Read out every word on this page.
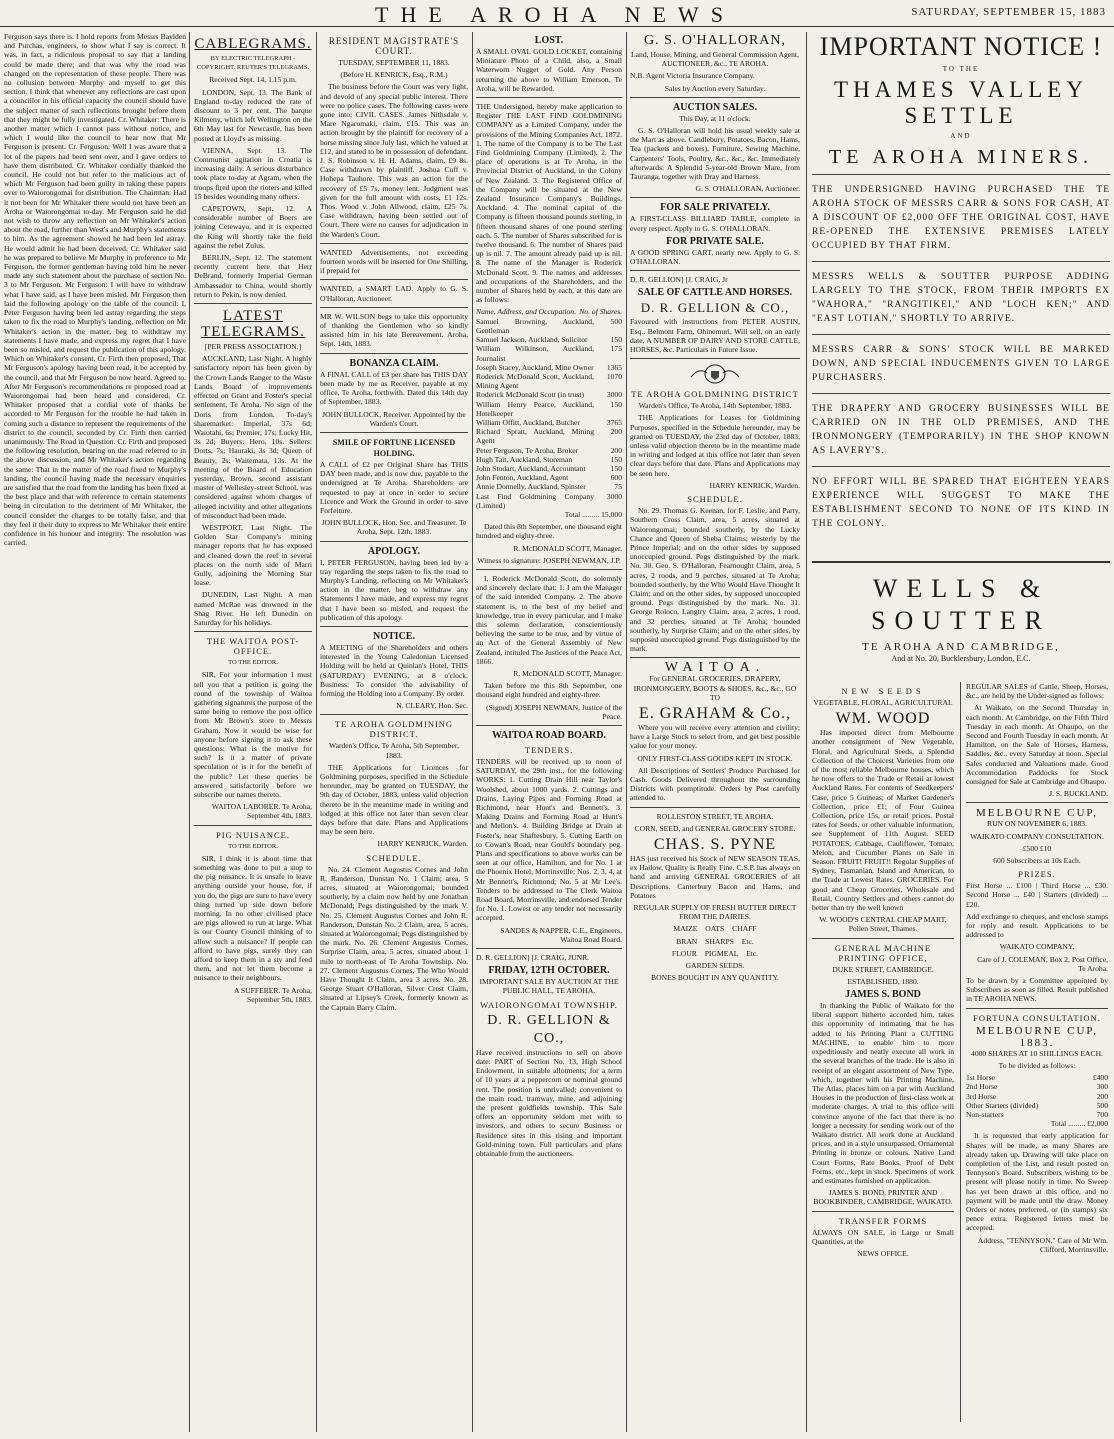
THE AROHA NEWS	SATURDAY, SEPTEMBER 15, 1883

Ferguson says there is. I hold reports from Messrs Baylden and Purchas, engineers, to show what I say is correct. It was, in fact, a ridiculous proposal to say that a landing could be made there; and that was why the road was changed on the representation of these people. There was no collusion between Murphy and myself to get this section. I think that whenever any reflections are cast upon a councillor in his official capacity the council should have the subject matter of such reflections brought before them that they might be fully investigated. Cr. Whitaker: There is another matter which I cannot pass without notice, and which I would like the council to hear now that Mr Ferguson is present. Cr. Ferguson: Well I was aware that a lot of the papers had been sent over, and I gave orders to have them distributed. Cr. Whitaker cordially thanked the council. He could not but refer to the malicious act of which Mr Ferguson had been guilty in taking these papers over to Waiorongomai for distribution. The Chairman: Had it not been for Mr Whitaker there would not have been an Aroha or Waiorongomai to-day. Mr Ferguson said he did not wish to throw any reflection on Mr Whitaker's action about the road, further than West's and Murphy's statements to him. As the agreement showed he had been led astray. He would admit he had been deceived. Cr. Whitaker said he was prepared to believe Mr Murphy in preference to Mr Ferguson, the former gentleman having told him he never made any such statement about the purchase of section No. 3 to Mr Ferguson. Mr Ferguson: I will have to withdraw what I have said, as I have been misled. Mr Ferguson then laid the following apology on the table of the council: I, Peter Ferguson having been led astray regarding the steps taken to fix the road to Murphy's landing, reflection on Mr Whitaker's action in the matter, beg to withdraw my statements I have made, and express my regret that I have been so misled, and request the publication of this apology. Which on Whitaker's consent, Cr. Firth then proposed, That Mr Ferguson's apology having been read, it be accepted by the council, and that Mr Ferguson be now heard. Agreed to. After Mr Ferguson's recommendations re proposed road at Waiorongomai had been heard and considered, Cr. Whitaker proposed that a cordial vote of thanks be accorded to Mr Ferguson for the trouble he had taken in coming such a distance to represent the requirements of the district to the council, seconded by Cr. Firth then carried unanimously. The Road in Question. Cr. Firth and proposed the following resolution, bearing on the road referred to in the above discussion, and Mr Whitaker's action regarding the same: That in the matter of the road fixed to Murphy's landing, the council having made the necessary enquiries are satisfied that the road from the landing has been fixed at the best place and that with reference to certain statements being in circulation to the detriment of Mr Whitaker, the council consider the charges to be totally false, and that they feel it their duty to express to Mr Whitaker their entire confidence in his honour and integrity. The resolution was carried.

CABLEGRAMS.

BY ELECTRIC TELEGRAPH - COPYRIGHT. REUTER'S TELEGRAMS.

Received Sept. 14, 1.15 p.m.

LONDON, Sept. 13. The Bank of England to-day reduced the rate of discount to 3 per cent. The barque Kilmeny, which left Wellington on the 6th May last for Newcastle, has been posted at Lloyd's as missing.

VIENNA, Sept. 13. The Communist agitation in Croatia is increasing daily. A serious disturbance took place to-day at Agram, when the troops fired upon the rioters and killed 15 besides wounding many others.

CAPETOWN, Sept. 12. A considerable number of Boers are joining Cetewayo, and it is expected the King will shortly take the field against the rebel Zulus.

BERLIN, Sept. 12. The statement recently current here that Herr DeBrand, formerly Imperial German Ambassador to China, would shortly return to Pekin, is now denied.

LATEST TELEGRAMS.

[PER PRESS ASSOCIATION.]

AUCKLAND, Last Night. A highly satisfactory report has been given by the Crown Lands Ranger to the Waste Lands Board of improvements effected on Grant and Foster's special settlement, Te Aroha. No sign of the Doris from London. To-day's sharemarket: Imperial, 37s 6d; Waiotahi, 6s; Premier, 17s; Lucky Hit, 3s 2d; Buyers: Hero, 10s. Sellers: Dorts, 7s; Hauraki, 3s 3d; Queen of Beauty, 2s; Waitemata, 13s. At the meeting of the Board of Education yesterday, Brown, second assistant master of Wellesley-street School, was considered against whom charges of alleged incivility and other allegations of misconduct had been made.

WESTPORT, Last Night. The Golden Star Company's mining manager reports that he has exposed and cleaned down the reef in several places on the north side of Marri Gully, adjoining the Morning Star lease.

DUNEDIN, Last Night. A man named McRae was drowned in the Shag River. He left Dunedin on Saturday for his holidays.

THE WAITOA POST-OFFICE.

TO THE EDITOR.

SIR, For your information I must tell you that a petition is going the round of the township of Waitoa gathering signatures the purpose of the same being to remove the post office from Mr Brown's store to Messrs Graham. Now it would be wise for anyone before signing it to ask these questions: What is the motive for such? Is it a matter of private speculation or is it for the benefit of the public? Let these queries be answered satisfactorily before we subscribe our names thereto.

WAITOA LABORER. Te Aroha, September 4th, 1883.

PIG NUISANCE.

TO THE EDITOR.

SIR, I think it is about time that something was done to put a stop to the pig nuisance. It is unsafe to leave anything outside your house, for, if you do, the pigs are sure to have every thing turned up side down before morning. In no other civilised place are pigs allowed to run at large. What is our County Council thinking of to allow such a nuisance? If people can afford to have pigs, surely they can afford to keep them in a sty and feed them, and not let them become a nuisance to their neighbours.

A SUFFERER. Te Aroha, September 5th, 1883.

RESIDENT MAGISTRATE'S COURT.

TUESDAY, SEPTEMBER 11, 1883.

(Before H. KENRICK, Esq., R.M.)

The business before the Court was very light, and devoid of any special public interest. There were no police cases. The following cases were gone into: CIVIL CASES. James Nithsdale v. Mare Ngaromaki, claim, £15. This was an action brought by the plaintiff for recovery of a horse missing since July last, which he valued at £12, and stated to be in possession of defendant. J. S. Robinson v. H. H. Adams, claim, £9 8s. Case withdrawn by plaintiff. Joshua Cuff v. Hohepa Tauhore. This was an action for the recovery of £5 7s, money lent. Judgment was given for the full amount with costs, £1 12s. Thos. Wood v. John Allwood, claim, £25 7s. Case withdrawn, having been settled out of Court. There were no causes for adjudication in the Warden's Court.

WANTED Advertisements, not exceeding fourteen words will be inserted for One Shilling, if prepaid for

WANTED, a SMART LAD. Apply to G. S. O'Halloran, Auctioneer.

MR W. WILSON begs to take this opportunity of thanking the Gentlemen who so kindly assisted him in his late Bereavement. Aroha, Sept. 14th, 1883.

BONANZA CLAIM.

A FINAL CALL of £3 per share has THIS DAY been made by me as Receiver, payable at my office, Te Aroha, forthwith. Dated this 14th day of September, 1883.

JOHN BULLOCK, Receiver. Appointed by the Warden's Court.

SMILE OF FORTUNE LICENSED HOLDING.

A CALL of £2 per Original Share has THIS DAY been made, and is now due, payable to the undersigned at Te Aroha. Shareholders are requested to pay at once in order to secure Licence and Work the Ground in order to save Forfeiture.

JOHN BULLOCK, Hon. Sec. and Treasurer. Te Aroha, Sept. 12th, 1883.

APOLOGY.

I, PETER FERGUSON, having been led by a tray regarding the steps taken to fix the road to Murphy's Landing, reflecting on Mr Whitaker's action in the matter, beg to withdraw any Statements I have made, and express my regret that I have been so misled, and request the publication of this apology.

NOTICE.

A MEETING of the Shareholders and others interested in the Young Caledonian Licensed Holding will be held at Quinlan's Hotel, THIS (SATURDAY) EVENING, at 8 o'clock. Business: To consider the advisability of forming the Holding into a Company. By order.

N. CLEARY, Hon. Sec.

TE AROHA GOLDMINING DISTRICT.

Warden's Office, Te Aroha, 5th September, 1883.

THE Applications for Licences for Goldmining purposes, specified in the Schedule hereunder, may be granted on TUESDAY, the 9th day of October, 1883, unless valid objection thereto be in the meantime made in writing and lodged at this office not later than seven clear days before that date. Plans and Applications may be seen here.

HARRY KENRICK, Warden.

SCHEDULE.

No. 24. Clement Augustus Cornes and John R. Randerson, Dunstan No. 1 Claim; area, 5 acres, situated at Waiorongomai; bounded southerly, by a claim now held by one Jonathan McDonald; Pegs distinguished by the mark V. No. 25. Clement Augustus Cornes and John R. Randerson, Dunstan No. 2 Claim, area, 5 acres, situated at Waiorongomai; Pegs distinguished by the mark. No. 26. Clement Augustus Cornes, Surprise Claim, area, 5 acres, situated about 1 mile to north-east of Te Aroha Township. No. 27. Clement Augustus Cornes, The Who Would Have Thought It Claim, area 3 acres. No. 28. George Stuart O'Halloran, Silver Crest Claim, situated at Lipsey's Creek, formerly known as the Captain Barry Claim.

LOST.

A SMALL OVAL GOLD LOCKET, containing Miniature Photo of a Child, also, a Small Waterworn Nugget of Gold. Any Person returning the above to William Emerson, Te Aroha, will be Rewarded.

THE Undersigned, hereby make application to Register THE LAST FIND GOLDMINING COMPANY as a Limited Company, under the provisions of the Mining Companies Act, 1872. 1. The name of the Company is to be The Last Find Goldmining Company (Limited). 2. The place of operations is at Te Aroha, in the Provincial District of Auckland, in the Colony of New Zealand. 3. The Registered Office of the Company will be situated at the New Zealand Insurance Company's Buildings, Auckland. 4. The nominal capital of the Company is fifteen thousand pounds sterling, in fifteen thousand shares of one pound sterling each. 5. The number of Shares subscribed for is twelve thousand. 6. The number of Shares paid up is nil. 7. The amount already paid up is nil. 8. The name of the Manager is Roderick McDonald Scott. 9. The names and addresses and occupations of the Shareholders, and the number of Shares held by each, at this date are as follows:

Name, Address, and Occupation. No. of Shares.
Samuel Browning, Auckland, Gentleman
500
Samuel Jackson, Auckland, Solicitor	150
William Wilkinson, Auckland, Journalist
175
Joseph Stacey, Auckland, Mine Owner 1365
Roderick McDonald Scott, Auckland, Mining Agent
1070
Roderick McDonald Scott (in trust)	3000
William Henry Pearce, Auckland, Hotelkeeper
150
William Offitt, Auckland, Butcher	3765
Richard Spratt, Auckland, Mining Agent
200
Peter Ferguson, Te Aroha, Broker	200
Hugh Tait, Auckland, Storeman	150
John Stodart, Auckland, Accountant	150
John Fenton, Auckland, Agent	600
Annie Donnelly, Auckland, Spinster	75
Last Find Goldmining Company (Limited)
3000

Total ......... 15,000

Dated this 8th September, one thousand eight hundred and eighty-three.

R. McDONALD SCOTT, Manager.

Witness to signature: JOSEPH NEWMAN, J.P.

I, Roderick McDonald Scott, do solemnly and sincerely declare that: 1. I am the Manager of the said intended Company. 2. The above statement is, to the best of my belief and knowledge, true in every particular, and I make this solemn declaration, conscientiously believing the same to be true, and by virtue of an Act of the General Assembly of New Zealand, intituled The Justices of the Peace Act, 1866.

R. McDONALD SCOTT, Manager.

Taken before me this 8th September, one thousand eight hundred and eighty-three.

(Signed) JOSEPH NEWMAN, Justice of the Peace.

WAITOA ROAD BOARD.
TENDERS.

TENDERS will be received up to noon of SATURDAY, the 29th inst., for the following WORKS: 1. Cutting Drain Hill near Taylor's Woolshed, about 1000 yards. 2. Cuttings and Drains, Laying Pipes and Forming Road at Richmond, near Hunt's and Bennett's. 3. Making Drains and Forming Road at Hunt's and Mellon's. 4. Building Bridge at Drain at Foster's, near Shaftesbury. 5. Cutting Earth on to Cowan's Road, near Gould's boundary peg. Plans and specifications to above works can be seen at our office, Hamilton, and for No. 1 at the Phoenix Hotel, Morrinsville; Nos. 2, 3, 4, at Mr Bennett's, Richmond; No. 5 at Mr Lee's. Tenders to be addressed to The Clerk Waitoa Road Board, Morrinsville, and endorsed Tender for No. 1. Lowest or any tender not necessarily accepted.

SANDES & NAPPER, C.E., Engineers, Waitoa Road Board.

D. R. GELLION] [J. CRAIG, JUNR.

FRIDAY, 12TH OCTOBER.

IMPORTANT SALE BY AUCTION AT THE PUBLIC HALL, TE AROHA.

WAIORONGOMAI TOWNSHIP.
D. R. GELLION & CO.,

Have received instructions to sell on above date: PART of Section No. 13, High School Endowment, in suitable allotments; for a term of 10 years at a peppercorn or nominal ground rent. The position is unrivalled; convenient to the main road, tramway, mine, and adjoining the present goldfields township. This Sale offers an opportunity seldom met with to investors, and others to secure Business or Residence sites in this rising and important Gold-mining town. Full particulars and plans obtainable from the auctioneers.

G. S. O'HALLORAN,

Land, House, Mining, and General Commission Agent, AUCTIONEER, &c., TE AROHA.

N.B. Agent Victoria Insurance Company.

Sales by Auction every Saturday.

AUCTION SALES.

This Day, at 11 o'clock.

G. S. O'Halloran will hold his usual weekly sale at the Mart as above. Candlebury, Potatoes, Bacon, Hams, Tea (packets and boxes), Furniture, Sewing Machine, Carpenters' Tools, Poultry, &c., &c., &c. Immediately afterwards: A Splendid 5-year-old Brown Mare, from Tauranga, together with Dray and Harness.

G. S. O'HALLORAN, Auctioneer.

FOR SALE PRIVATELY.

A FIRST-CLASS BILLIARD TABLE, complete in every respect. Apply to G. S. O'HALLORAN.

FOR PRIVATE SALE.

A GOOD SPRING CART, nearly new. Apply to G. S. O'HALLORAN.

D. R. GELLION] [J. CRAIG, Jr

SALE OF CATTLE AND HORSES.
D. R. GELLION & CO.,

Favoured with instructions from PETER AUSTIN, Esq., Belmont Farm, Ohinemuri, Will sell, on an early date, A NUMBER OF DAIRY AND STORE CATTLE, HORSES, &c. Particulars in Future Issue.

TE AROHA GOLDMINING DISTRICT

Warden's Office, Te Aroha, 14th September, 1883.

THE Applications for Leases for Goldmining Purposes, specified in the Schedule hereunder, may be granted on TUESDAY, the 23rd day of October, 1883, unless valid objection thereto be in the meantime made in writing and lodged at this office not later than seven clear days before that date. Plans and Applications may be seen here.

HARRY KENRICK, Warden.

SCHEDULE.

No. 29. Thomas G. Keenan, for F. Leslie, and Party, Southern Cross Claim, area, 5 acres, situated at Waiorongomai; bounded southerly, by the Lucky Chance and Queen of Sheba Claims; westerly by the Prince Imperial; and on the other sides by supposed unoccupied ground. Pegs distinguished by the mark. No. 30. Geo. S. O'Halloran, Fearnought Claim, area, 5 acres, 2 roods, and 9 perches, situated at Te Aroha; bounded southerly, by the Who Would Have Thought It Claim; and on the other sides, by supposed unoccupied ground. Pegs distinguished by the mark. No. 31. George Roloco, Langtry Claim, area, 2 acres, 1 rood, and 32 perches, situated at Te Aroha; bounded southerly, by Surprise Claim; and on the other sides, by supposed unoccupied ground. Pegs distinguished by the mark.

WAITOA.

For GENERAL GROCERIES, DRAPERY, IRONMONGERY, BOOTS & SHOES, &c., &c., GO TO

E. GRAHAM & Co.,

Where you will receive every attention and civility; have a Large Stock to select from, and get best possible value for your money.

ONLY FIRST-CLASS GOODS KEPT IN STOCK.

All Descriptions of Settlers' Produce Purchased for Cash. Goods Delivered throughout the surrounding Districts with promptitude. Orders by Post carefully attended to.

ROLLESTON STREET, TE AROHA.

CORN, SEED, and GENERAL GROCERY STORE.

CHAS. S. PYNE

HAS just received his Stock of NEW SEASON TEAS, ex Hailow, Quality is Really Fine. C.S.P. has always on hand and arriving GENERAL GROCERIES of all Descriptions. Canterbury Bacon and Hams, and Potatoes

REGULAR SUPPLY OF FRESH BUTTER DIRECT FROM THE DAIRIES.

MAIZE OATS CHAFF

BRAN SHARPS Etc.

FLOUR PIGMEAL Etc.

GARDEN SEEDS.

BONES BOUGHT IN ANY QUANTITY.

IMPORTANT NOTICE !
TO THE
THAMES VALLEY SETTLE
AND
TE AROHA MINERS.

THE UNDERSIGNED HAVING PURCHASED THE TE AROHA STOCK OF MESSRS CARR & SONS FOR CASH, AT A DISCOUNT OF £2,000 OFF THE ORIGINAL COST, HAVE RE-OPENED THE EXTENSIVE PREMISES LATELY OCCUPIED BY THAT FIRM.

MESSRS WELLS & SOUTTER PURPOSE ADDING LARGELY TO THE STOCK, FROM THEIR IMPORTS EX "WAHORA," "RANGITIKEI," AND "LOCH KEN;" AND "EAST LOTIAN," SHORTLY TO ARRIVE.

MESSRS CARR & SONS' STOCK WILL BE MARKED DOWN, AND SPECIAL INDUCEMENTS GIVEN TO LARGE PURCHASERS.

THE DRAPERY AND GROCERY BUSINESSES WILL BE CARRIED ON IN THE OLD PREMISES, AND THE IRONMONGERY (TEMPORARILY) IN THE SHOP KNOWN AS LAVERY'S.

NO EFFORT WILL BE SPARED THAT EIGHTEEN YEARS EXPERIENCE WILL SUGGEST TO MAKE THE ESTABLISHMENT SECOND TO NONE OF ITS KIND IN THE COLONY.

WELLS & SOUTTER
TE AROHA AND CAMBRIDGE,

And at No. 20, Bucklersbury, London, E.C.

NEW SEEDS

VEGETABLE, FLORAL, AGRICULTURAL

WM. WOOD

Has imported direct from Melbourne another consignment of New Vegetable, Floral, and Agricultural Seeds, a Splendid Collection of the Choicest Varieties from one of the most reliable Melbourne houses, which he now offers to the Trade or Retail at lowest Auckland Rates. For contents of Seedkeepers' Case, price 5 Guineas; of Market Gardener's Collection, price £1; of Four Guinea Collection, price 15s, or retail prices. Postal rates for Seeds, or other valuable information, see Supplement of 11th August. SEED POTATOES, Cabbage, Cauliflower, Tomato, Melon, and Cucumber Plants on Sale in Season. FRUIT! FRUIT!! Regular Supplies of Sydney, Tasmanian, Island and American, to the Trade at Lowest Rates. GROCERIES. For good and Cheap Groceries, Wholesale and Retail, Country Settlers and others cannot do better than try the well known

W. WOOD'S CENTRAL CHEAP MART, Pollen Street, Thames.

GENERAL MACHINE PRINTING OFFICE,

DUKE STREET, CAMBRIDGE.

ESTABLISHED, 1880.

JAMES S. BOND

In thanking the Public of Waikato for the liberal support hitherto accorded him, takes this opportunity of intimating that he has added to his Printing Plant a CUTTING MACHINE, to enable him to more expeditiously and neatly execute all work in the several branches of the trade. He is also in receipt of an elegant assortment of New Type, which, together with his Printing Machine, The Atlas, places him on a par with Auckland Houses in the production of first-class work at moderate charges. A trial to this office will convince anyone of the fact that there is no longer a necessity for sending work out of the Waikato district. All work done at Auckland prices, and in a style unsurpassed. Ornamental Printing in bronze or colours. Native Land Court Forms, Rate Books, Proof of Debt Forms, etc., kept in stock. Specimens of work and estimates furnished on application.

JAMES S. BOND, PRINTER AND BOOKBINDER, CAMBRIDGE, WAIKATO.

TRANSFER FORMS

ALWAYS ON SALE, in Large or Small Quantities, at the

NEWS OFFICE.

REGULAR SALES of Cattle, Sheep, Horses, &c., are held by the Under-signed as follows:

At Waikato, on the Second Thursday in each month. At Cambridge, on the Fifth Third Tuesday in each month. At Ohaupo, on the Second and Fourth Tuesday in each month. At Hamilton, on the Sale of Horses, Harness, Saddles, &c., every Saturday at noon. Special Sales conducted and Valuations made. Good Accommodation Paddocks for Stock consigned for Sale at Cambridge and Ohaupo.

J. S. BUCKLAND.

MELBOURNE CUP,

RUN ON NOVEMBER 6, 1883.

WAIKATO COMPANY CONSULTATION.

£500 £10

600 Subscribers at 10s Each.

PRIZES.

First Horse ... £100 | Third Horse ... £30. Second Horse ... £40 | Starters (divided) ... £20.

Add exchange to cheques, and enclose stamps for reply and result. Applications to be addressed to

WAIKATO COMPANY,

Care of J. COLEMAN, Box 2, Post Office, Te Aroha.

To be drawn by a Committee appointed by Subscribers as soon as filled. Result published in TE AROHA NEWS.

FORTUNA CONSULTATION.
MELBOURNE CUP, 1883.

4000 SHARES AT 10 SHILLINGS EACH.

To be divided as follows:

1st Horse	£400
2nd Horse	300
3rd Horse	200
Other Starters (divided)	500
Non-starters	700

Total ......... £2,000

It is requested that early application for Shares will be made, as many Shares are already taken up. Drawing will take place on completion of the List, and result posted on Tennyson's Board. Subscribers wishing to be present will please notify in time. No Sweep has yet been drawn at this office, and no payment will be made until the draw. Money Orders or notes preferred, or (in stamps) six pence extra. Registered letters must be accepted.

Address, "TENNYSON," Care of Mr Wm. Clifford, Morrinsville.
